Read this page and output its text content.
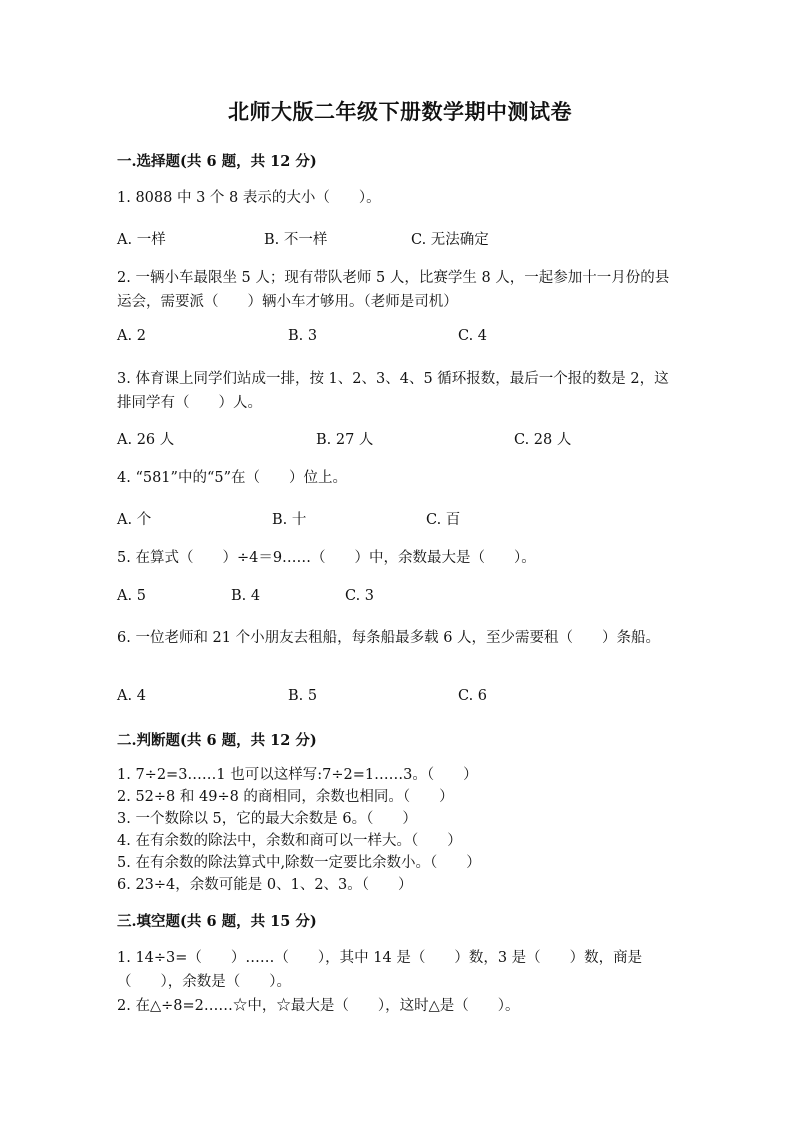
北师大版二年级下册数学期中测试卷
一.选择题(共 6 题，共 12 分)
1. 8088 中 3 个 8 表示的大小（　　）。
A. 一样	B. 不一样	C. 无法确定
2. 一辆小车最限坐 5 人；现有带队老师 5 人，比赛学生 8 人，一起参加十一月份的县运会，需要派（　　）辆小车才够用。（老师是司机）
A. 2	B. 3	C. 4
3. 体育课上同学们站成一排，按 1、2、3、4、5 循环报数，最后一个报的数是 2，这排同学有（　　）人。
A. 26 人	B. 27 人	C. 28 人
4. “581”中的“5”在（　　）位上。
A. 个	B. 十	C. 百
5. 在算式（　　）÷4＝9……（　　）中，余数最大是（　　）。
A. 5	B. 4	C. 3
6. 一位老师和 21 个小朋友去租船，每条船最多载 6 人，至少需要租（　　）条船。
A. 4	B. 5	C. 6
二.判断题(共 6 题，共 12 分)
1. 7÷2=3……1 也可以这样写:7÷2=1……3。（　　）
2. 52÷8 和 49÷8 的商相同，余数也相同。（　　）
3. 一个数除以 5，它的最大余数是 6。（　　）
4. 在有余数的除法中，余数和商可以一样大。（　　）
5. 在有余数的除法算式中,除数一定要比余数小。（　　）
6. 23÷4，余数可能是 0、1、2、3。（　　）
三.填空题(共 6 题，共 15 分)
1. 14÷3=（　　）……（　　），其中 14 是（　　）数，3 是（　　）数，商是（　　），余数是（　　）。
2. 在△÷8=2……☆中，☆最大是（　　），这时△是（　　）。
